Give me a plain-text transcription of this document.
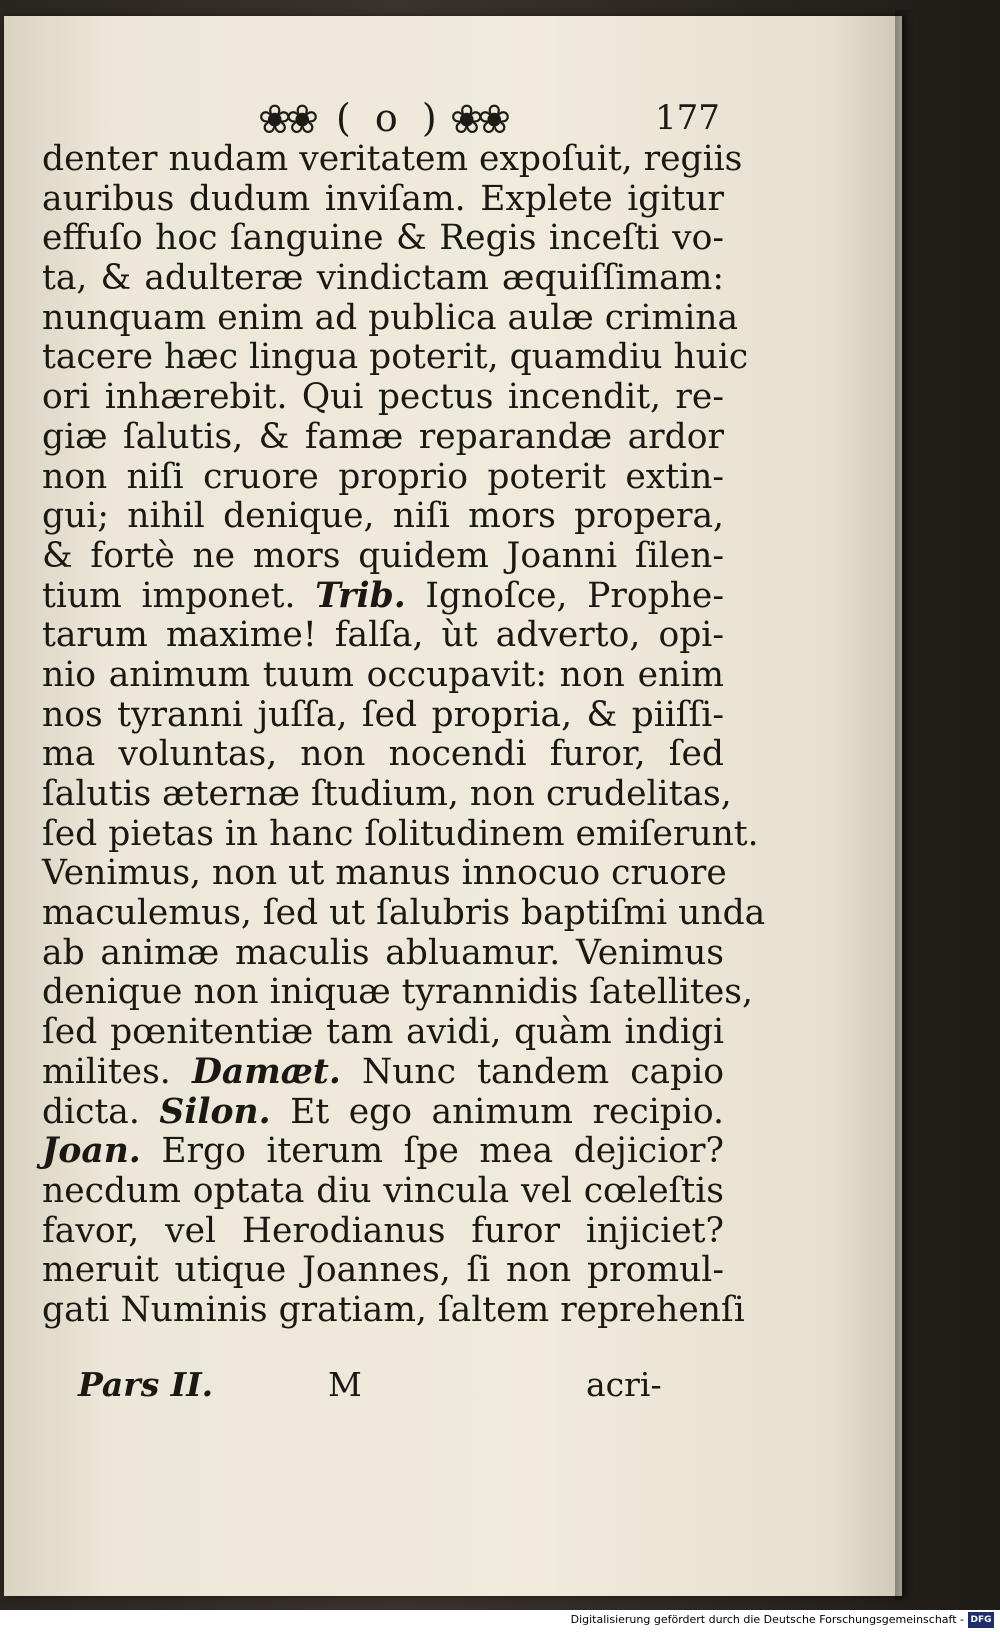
❀❀ ( o ) ❀❀	177
denter nudam veritatem expoſuit, regiis
auribus dudum inviſam. Explete igitur
effuſo hoc ſanguine & Regis inceſti vo-
ta, & adulteræ vindictam æquiſſimam:
nunquam enim ad publica aulæ crimina
tacere hæc lingua poterit, quamdiu huic
ori inhærebit. Qui pectus incendit, re-
giæ ſalutis, & famæ reparandæ ardor
non niſi cruore proprio poterit extin-
gui; nihil denique, niſi mors propera,
& fortè ne mors quidem Joanni ſilen-
tium imponet. Trib. Ignoſce, Prophe-
tarum maxime! falſa, ùt adverto, opi-
nio animum tuum occupavit: non enim
nos tyranni juſſa, ſed propria, & piiſſi-
ma voluntas, non nocendi furor, ſed
ſalutis æternæ ſtudium, non crudelitas,
ſed pietas in hanc ſolitudinem emiſerunt.
Venimus, non ut manus innocuo cruore
maculemus, ſed ut ſalubris baptiſmi unda
ab animæ maculis abluamur. Venimus
denique non iniquæ tyrannidis ſatellites,
ſed pœnitentiæ tam avidi, quàm indigi
milites. Damæt. Nunc tandem capio
dicta. Silon. Et ego animum recipio.
Joan. Ergo iterum ſpe mea dejicior?
necdum optata diu vincula vel cœleſtis
favor, vel Herodianus furor injiciet?
meruit utique Joannes, ſi non promul-
gati Numinis gratiam, ſaltem reprehenſi
Pars II.	M	acri-
Digitalisierung gefördert durch die Deutsche Forschungsgemeinschaft - DFG
